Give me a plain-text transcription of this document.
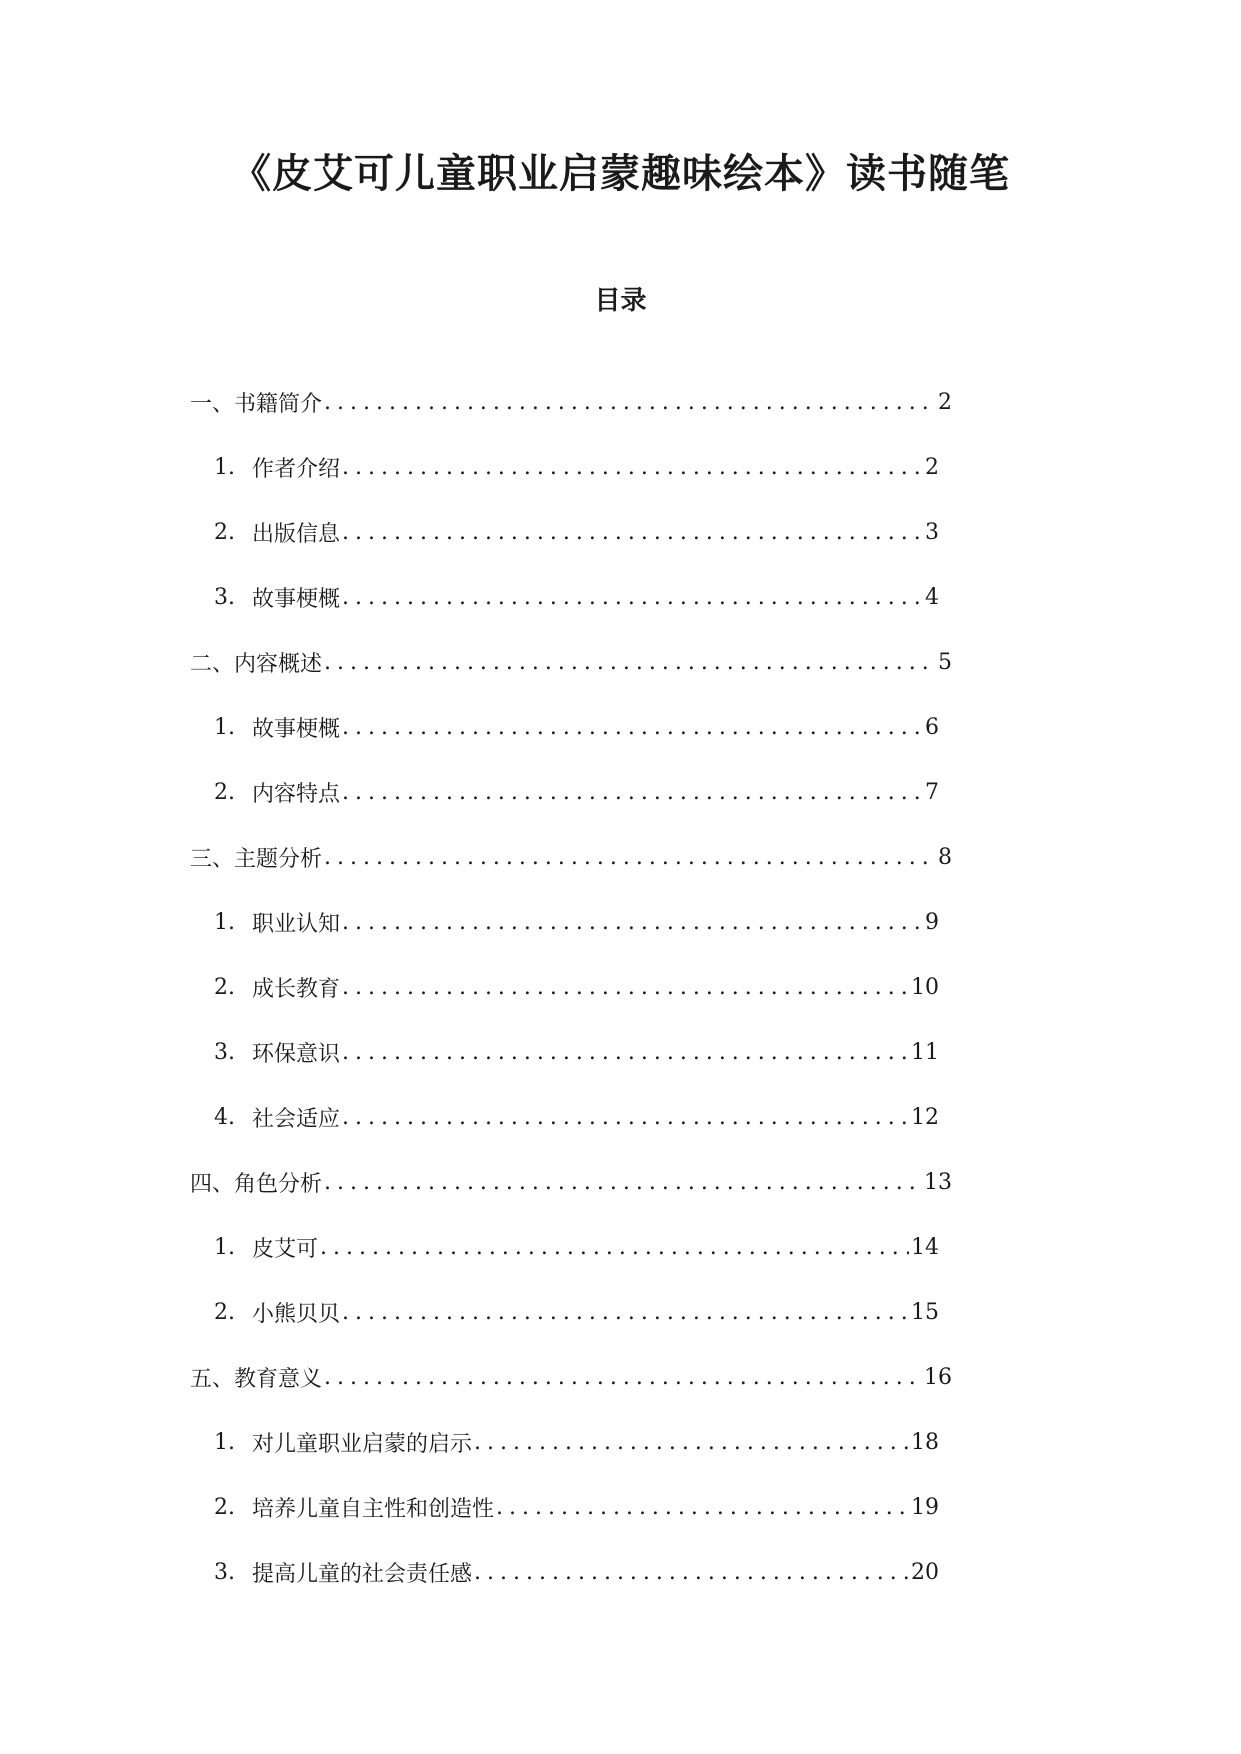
《皮艾可儿童职业启蒙趣味绘本》读书随笔
目录
一、书籍简介 .....	2
1. 作者介绍 .....	2
2. 出版信息 .....	3
3. 故事梗概 .....	4
二、内容概述 .....	5
1. 故事梗概 .....	6
2. 内容特点 .....	7
三、主题分析 .....	8
1. 职业认知 .....	9
2. 成长教育 .....	10
3. 环保意识 .....	11
4. 社会适应 .....	12
四、角色分析 .....	13
1. 皮艾可 .....	14
2. 小熊贝贝 .....	15
五、教育意义 .....	16
1. 对儿童职业启蒙的启示 .....	18
2. 培养儿童自主性和创造性 .....	19
3. 提高儿童的社会责任感 .....	20
